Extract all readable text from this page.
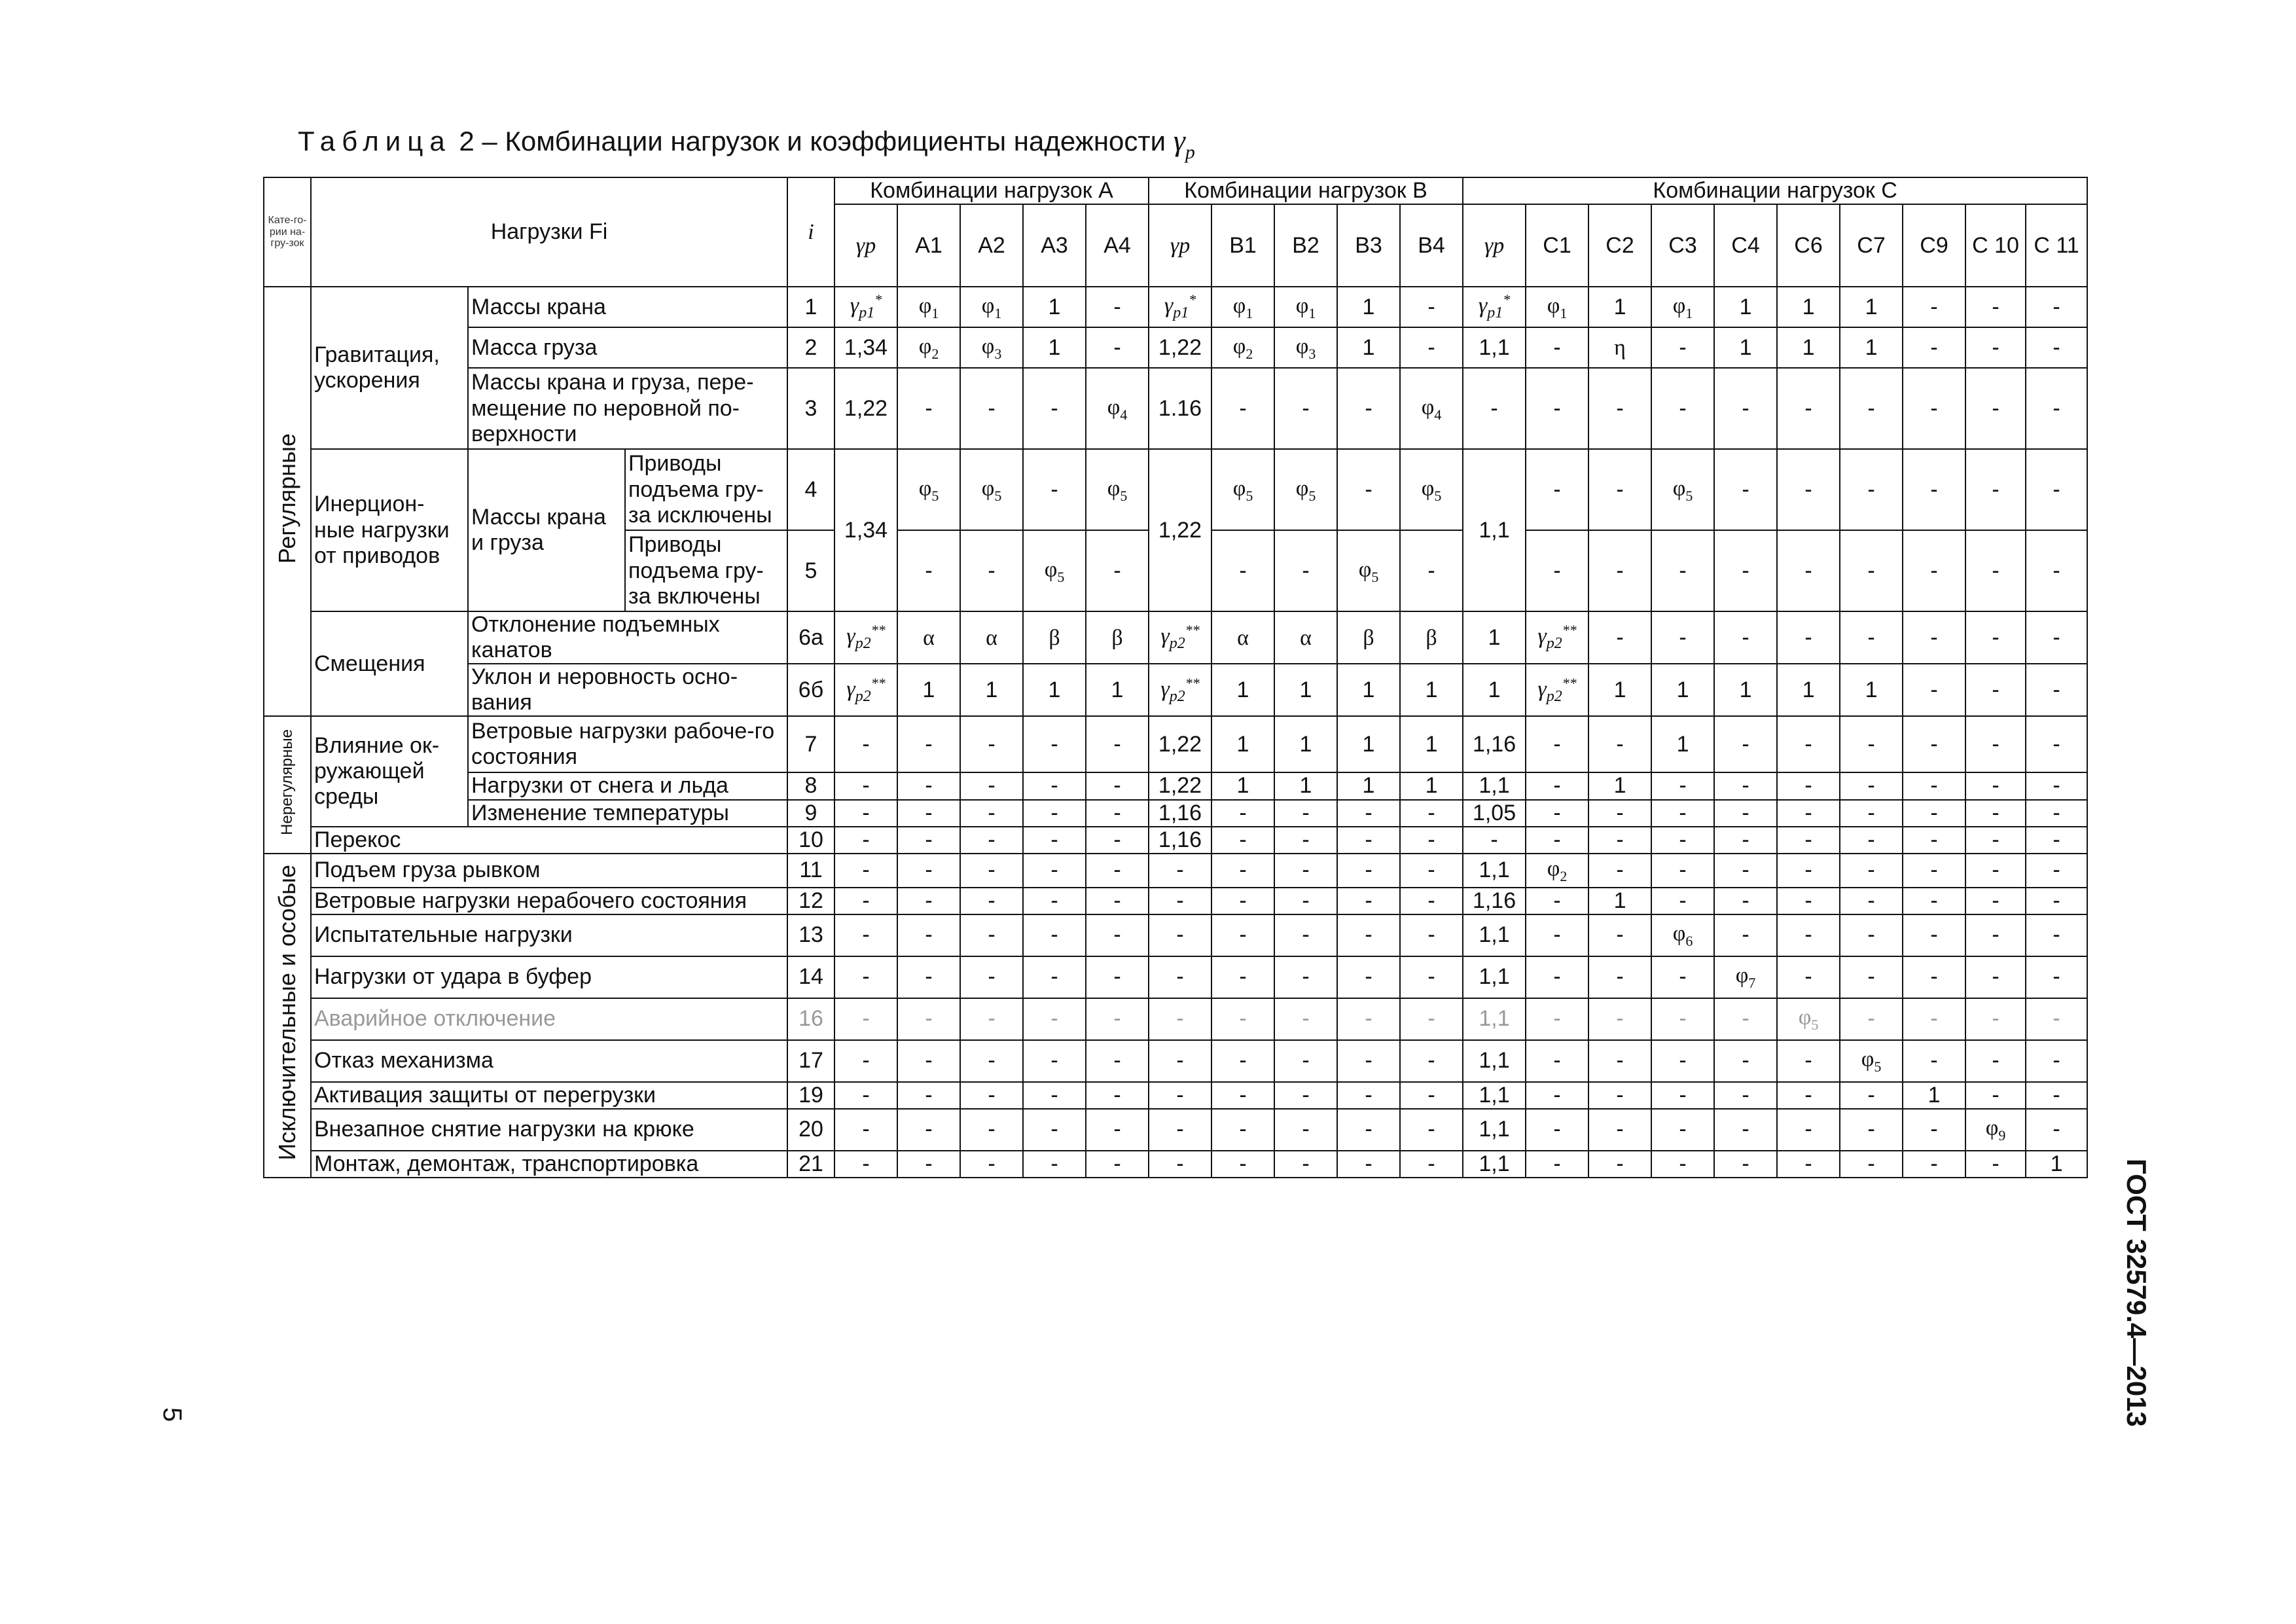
Таблица 2 – Комбинации нагрузок и коэффициенты надежности $\gamma_p$
Кате-го-рии на-гру-зок	Нагрузки Fi			i	Комбинации нагрузок А					Комбинации нагрузок В					Комбинации нагрузок С									
					γp	A1	A2	A3	A4	γp	B1	B2	B3	B4	γp	C1	C2	C3	C4	C6	C7	C9	C 10	C 11
Регулярные	Гравитация, ускорения	Массы крана		1	$\gamma_{p1}^*$	$\varphi_1$	$\varphi_1$	1	-	$\gamma_{p1}^*$	$\varphi_1$	$\varphi_1$	1	-	$\gamma_{p1}^*$	$\varphi_1$	1	$\varphi_1$	1	1	1	-	-	-
		Масса груза		2	1,34	$\varphi_2$	$\varphi_3$	1	-	1,22	$\varphi_2$	$\varphi_3$	1	-	1,1	-	η	-	1	1	1	-	-	-
		Массы крана и груза, пере-мещение по неровной по-верхности		3	1,22	-	-	-	$\varphi_4$	1.16	-	-	-	$\varphi_4$	-	-	-	-	-	-	-	-	-	-
	Инерцион-ные нагрузки от приводов	Массы крана и груза	Приводы подъема гру-за исключены	4	1,34	$\varphi_5$	$\varphi_5$	-	$\varphi_5$	1,22	$\varphi_5$	$\varphi_5$	-	$\varphi_5$	1,1	-	-	$\varphi_5$	-	-	-	-	-	-
			Приводы подъема гру-за включены	5		-	-	$\varphi_5$	-		-	-	$\varphi_5$	-		-	-	-	-	-	-	-	-	-
	Смещения	Отклонение подъемных канатов		6a	$\gamma_{p2}^{**}$	α	α	β	β	$\gamma_{p2}^{**}$	α	α	β	β	1	$\gamma_{p2}^{**}$	-	-	-	-	-	-	-	-
		Уклон и неровность осно-вания		6б	$\gamma_{p2}^{**}$	1	1	1	1	$\gamma_{p2}^{**}$	1	1	1	1	1	$\gamma_{p2}^{**}$	1	1	1	1	1	-	-	-
Нерегулярные	Влияние ок-ружающей среды	Ветровые нагрузки рабоче-го состояния		7	-	-	-	-	-	1,22	1	1	1	1	1,16	-	-	1	-	-	-	-	-	-
		Нагрузки от снега и льда		8	-	-	-	-	-	1,22	1	1	1	1	1,1	-	1	-	-	-	-	-	-	-
		Изменение температуры		9	-	-	-	-	-	1,16	-	-	-	-	1,05	-	-	-	-	-	-	-	-	-
	Перекос			10	-	-	-	-	-	1,16	-	-	-	-	-	-	-	-	-	-	-	-	-	-
Исключительные и особые	Подъем груза рывком			11	-	-	-	-	-	-	-	-	-	-	1,1	$\varphi_2$	-	-	-	-	-	-	-	-
	Ветровые нагрузки нерабочего состояния			12	-	-	-	-	-	-	-	-	-	-	1,16	-	1	-	-	-	-	-	-	-
	Испытательные нагрузки			13	-	-	-	-	-	-	-	-	-	-	1,1	-	-	$\varphi_6$	-	-	-	-	-	-
	Нагрузки от удара в буфер			14	-	-	-	-	-	-	-	-	-	-	1,1	-	-	-	$\varphi_7$	-	-	-	-	-
	Аварийное отключение			16	-	-	-	-	-	-	-	-	-	-	1,1	-	-	-	-	$\varphi_5$	-	-	-	-
	Отказ механизма			17	-	-	-	-	-	-	-	-	-	-	1,1	-	-	-	-	-	$\varphi_5$	-	-	-
	Активация защиты от перегрузки			19	-	-	-	-	-	-	-	-	-	-	1,1	-	-	-	-	-	-	1	-	-
	Внезапное снятие нагрузки на крюке			20	-	-	-	-	-	-	-	-	-	-	1,1	-	-	-	-	-	-	-	$\varphi_9$	-
	Монтаж, демонтаж, транспортировка			21	-	-	-	-	-	-	-	-	-	-	1,1	-	-	-	-	-	-	-	-	1 ГОСТ 32579.4—2013
5
